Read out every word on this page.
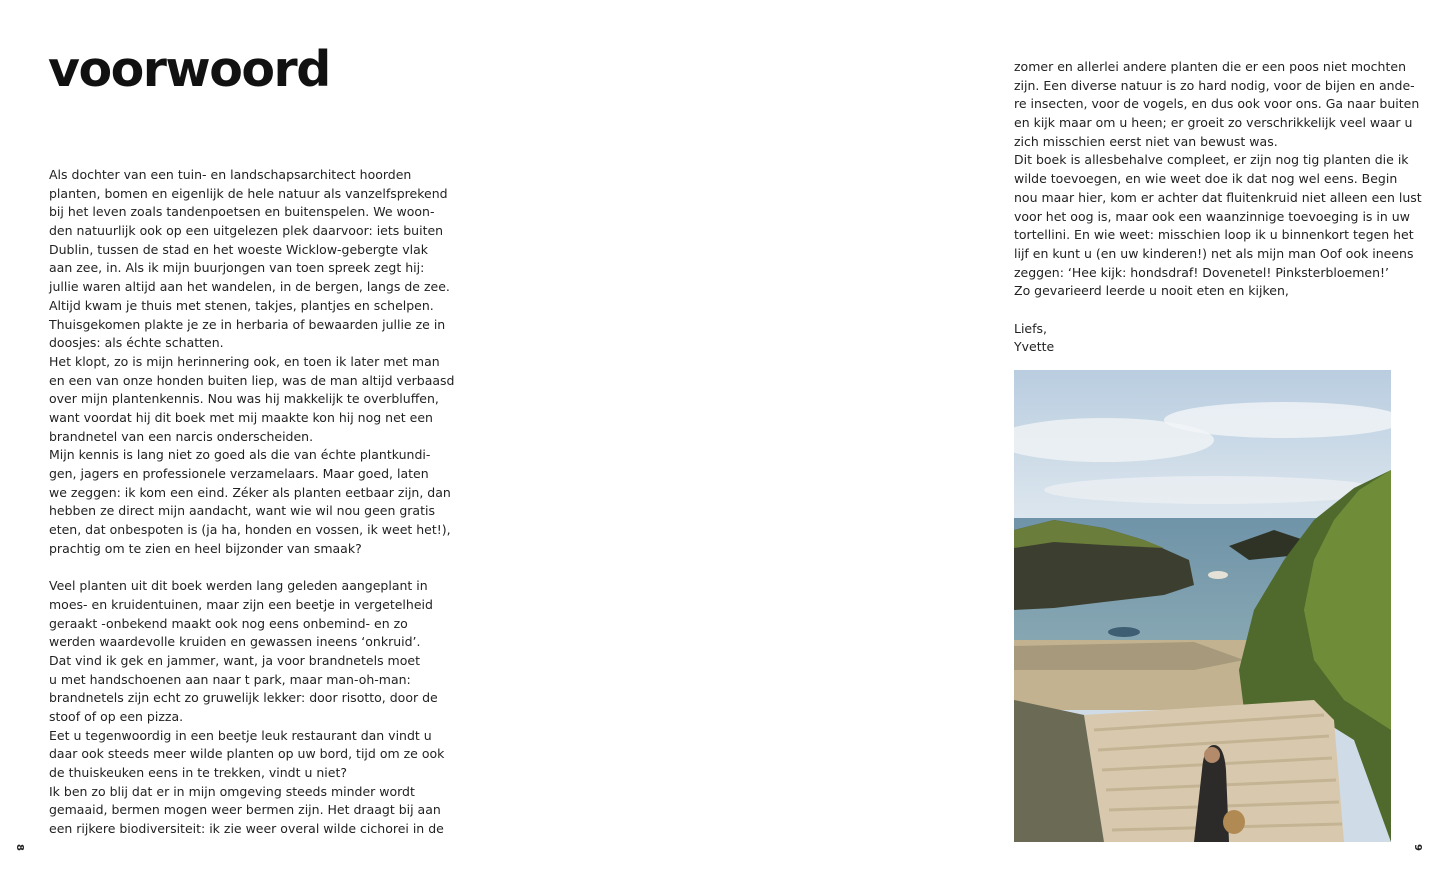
voorwoord
Als dochter van een tuin- en landschapsarchitect hoorden
planten, bomen en eigenlijk de hele natuur als vanzelfsprekend
bij het leven zoals tandenpoetsen en buitenspelen. We woon-
den natuurlijk ook op een uitgelezen plek daarvoor: iets buiten
Dublin, tussen de stad en het woeste Wicklow-gebergte vlak
aan zee, in. Als ik mijn buurjongen van toen spreek zegt hij:
jullie waren altijd aan het wandelen, in de bergen, langs de zee.
Altijd kwam je thuis met stenen, takjes, plantjes en schelpen.
Thuisgekomen plakte je ze in herbaria of bewaarden jullie ze in
doosjes: als échte schatten.
Het klopt, zo is mijn herinnering ook, en toen ik later met man
en een van onze honden buiten liep, was de man altijd verbaasd
over mijn plantenkennis. Nou was hij makkelijk te overbluffen,
want voordat hij dit boek met mij maakte kon hij nog net een
brandnetel van een narcis onderscheiden.
Mijn kennis is lang niet zo goed als die van échte plantkundi-
gen, jagers en professionele verzamelaars. Maar goed, laten
we zeggen: ik kom een eind. Zéker als planten eetbaar zijn, dan
hebben ze direct mijn aandacht, want wie wil nou geen gratis
eten, dat onbespoten is (ja ha, honden en vossen, ik weet het!),
prachtig om te zien en heel bijzonder van smaak?
Veel planten uit dit boek werden lang geleden aangeplant in
moes- en kruidentuinen, maar zijn een beetje in vergetelheid
geraakt -onbekend maakt ook nog eens onbemind- en zo
werden waardevolle kruiden en gewassen ineens ‘onkruid’.
Dat vind ik gek en jammer, want, ja voor brandnetels moet
u met handschoenen aan naar t park, maar man-oh-man:
brandnetels zijn echt zo gruwelijk lekker: door risotto, door de
stoof of op een pizza.
Eet u tegenwoordig in een beetje leuk restaurant dan vindt u
daar ook steeds meer wilde planten op uw bord, tijd om ze ook
de thuiskeuken eens in te trekken, vindt u niet?
Ik ben zo blij dat er in mijn omgeving steeds minder wordt
gemaaid, bermen mogen weer bermen zijn. Het draagt bij aan
een rijkere biodiversiteit: ik zie weer overal wilde cichorei in de
zomer en allerlei andere planten die er een poos niet mochten
zijn. Een diverse natuur is zo hard nodig, voor de bijen en ande-
re insecten, voor de vogels, en dus ook voor ons. Ga naar buiten
en kijk maar om u heen; er groeit zo verschrikkelijk veel waar u
zich misschien eerst niet van bewust was.
Dit boek is allesbehalve compleet, er zijn nog tig planten die ik
wilde toevoegen, en wie weet doe ik dat nog wel eens. Begin
nou maar hier, kom er achter dat fluitenkruid niet alleen een lust
voor het oog is, maar ook een waanzinnige toevoeging is in uw
tortellini. En wie weet: misschien loop ik u binnenkort tegen het
lijf en kunt u (en uw kinderen!) net als mijn man Oof ook ineens
zeggen: ‘Hee kijk: hondsdraf! Dovenetel! Pinksterbloemen!’
Zo gevarieerd leerde u nooit eten en kijken,
Liefs,
Yvette
8	9
